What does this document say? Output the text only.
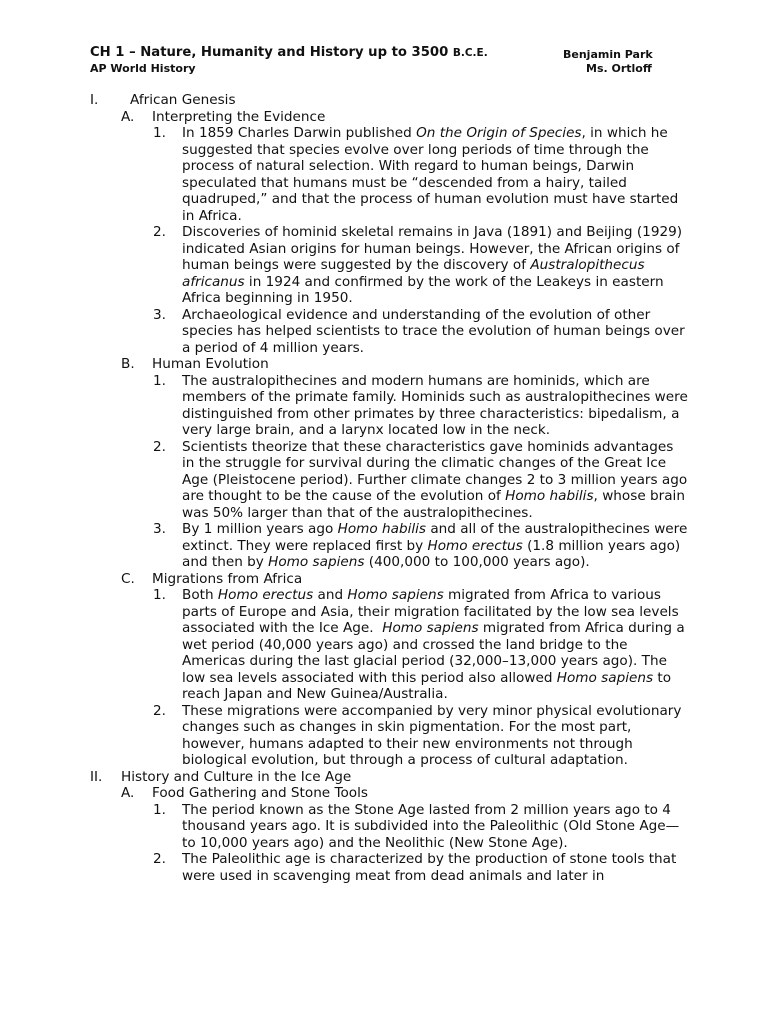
CH 1 – Nature, Humanity and History up to 3500 B.C.E.
AP World History
Benjamin Park
Ms. Ortloff
I. African Genesis
A. Interpreting the Evidence
1. In 1859 Charles Darwin published On the Origin of Species, in which he suggested that species evolve over long periods of time through the process of natural selection. With regard to human beings, Darwin speculated that humans must be “descended from a hairy, tailed quadruped,” and that the process of human evolution must have started in Africa.
2. Discoveries of hominid skeletal remains in Java (1891) and Beijing (1929) indicated Asian origins for human beings. However, the African origins of human beings were suggested by the discovery of Australopithecus africanus in 1924 and confirmed by the work of the Leakeys in eastern Africa beginning in 1950.
3. Archaeological evidence and understanding of the evolution of other species has helped scientists to trace the evolution of human beings over a period of 4 million years.
B. Human Evolution
1. The australopithecines and modern humans are hominids, which are members of the primate family. Hominids such as australopithecines were distinguished from other primates by three characteristics: bipedalism, a very large brain, and a larynx located low in the neck.
2. Scientists theorize that these characteristics gave hominids advantages in the struggle for survival during the climatic changes of the Great Ice Age (Pleistocene period). Further climate changes 2 to 3 million years ago are thought to be the cause of the evolution of Homo habilis, whose brain was 50% larger than that of the australopithecines.
3. By 1 million years ago Homo habilis and all of the australopithecines were extinct. They were replaced first by Homo erectus (1.8 million years ago) and then by Homo sapiens (400,000 to 100,000 years ago).
C. Migrations from Africa
1. Both Homo erectus and Homo sapiens migrated from Africa to various parts of Europe and Asia, their migration facilitated by the low sea levels associated with the Ice Age.  Homo sapiens migrated from Africa during a wet period (40,000 years ago) and crossed the land bridge to the Americas during the last glacial period (32,000–13,000 years ago). The low sea levels associated with this period also allowed Homo sapiens to reach Japan and New Guinea/Australia.
2. These migrations were accompanied by very minor physical evolutionary changes such as changes in skin pigmentation. For the most part, however, humans adapted to their new environments not through biological evolution, but through a process of cultural adaptation.
II. History and Culture in the Ice Age
A. Food Gathering and Stone Tools
1. The period known as the Stone Age lasted from 2 million years ago to 4 thousand years ago. It is subdivided into the Paleolithic (Old Stone Age—to 10,000 years ago) and the Neolithic (New Stone Age).
2. The Paleolithic age is characterized by the production of stone tools that were used in scavenging meat from dead animals and later in
